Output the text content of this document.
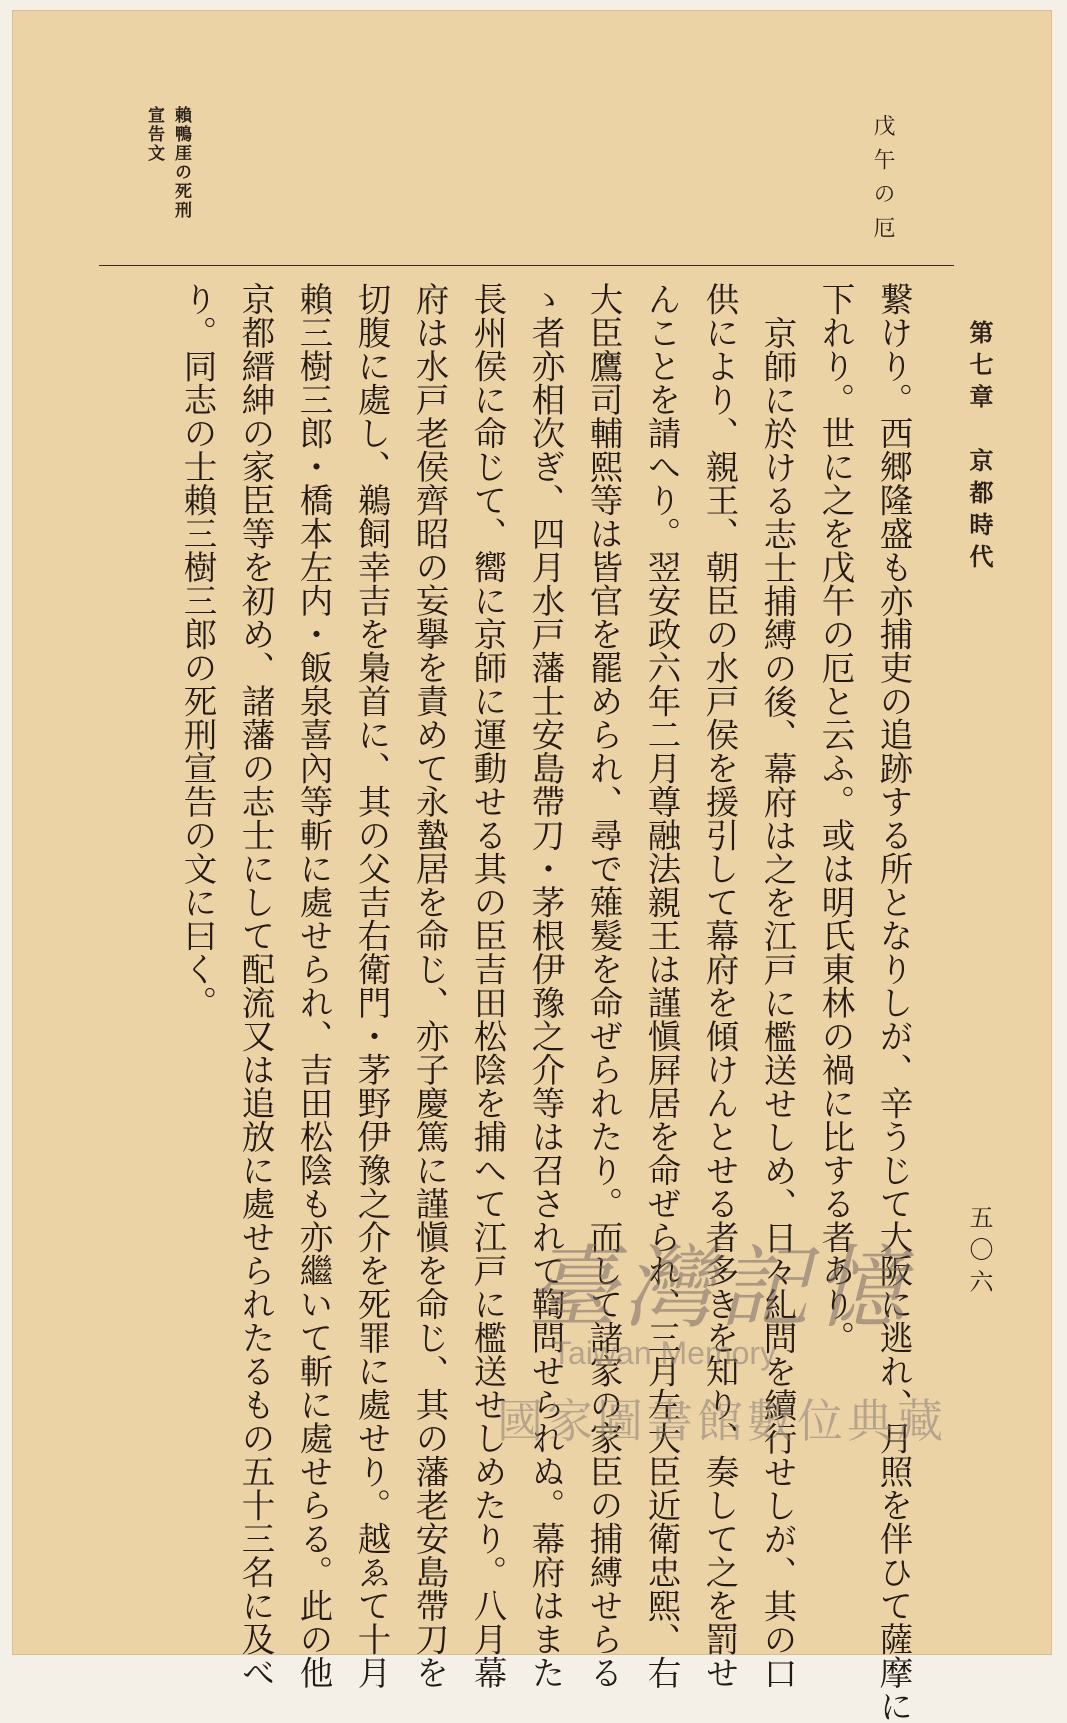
第七章　京都時代
五〇六
戊午の厄
賴鴨厓の死刑
宣告文
繋けり。西郷隆盛も亦捕吏の追跡する所となりしが、辛うじて大阪に逃れ、月照を伴ひて薩摩に
下れり。世に之を戊午の厄と云ふ。或は明氏東林の禍に比する者あり。
京師に於ける志士捕縛の後、幕府は之を江戸に檻送せしめ、日々糺問を續行せしが、其の口
供により、親王、朝臣の水戸侯を援引して幕府を傾けんとせる者多きを知り、奏して之を罰せ
んことを請へり。翌安政六年二月尊融法親王は謹愼屛居を命ぜられ、三月左大臣近衛忠熙、右
大臣鷹司輔熙等は皆官を罷められ、尋で薙髮を命ぜられたり。而して諸家の家臣の捕縛せらる
ゝ者亦相次ぎ、四月水戸藩士安島帶刀・茅根伊豫之介等は召されて鞫問せられぬ。幕府はまた
長州侯に命じて、嚮に京師に運動せる其の臣吉田松陰を捕へて江戸に檻送せしめたり。八月幕
府は水戸老侯齊昭の妄擧を責めて永蟄居を命じ、亦子慶篤に謹愼を命じ、其の藩老安島帶刀を
切腹に處し、鵜飼幸吉を梟首に、其の父吉右衛門・茅野伊豫之介を死罪に處せり。越ゑて十月
賴三樹三郎・橋本左内・飯泉喜內等斬に處せられ、吉田松陰も亦繼いて斬に處せらる。此の他
京都縉紳の家臣等を初め、諸藩の志士にして配流又は追放に處せられたるもの五十三名に及べ
り。同志の士賴三樹三郎の死刑宣告の文に曰く。
臺灣記憶
Taiwan Memory
國家圖書館數位典藏
